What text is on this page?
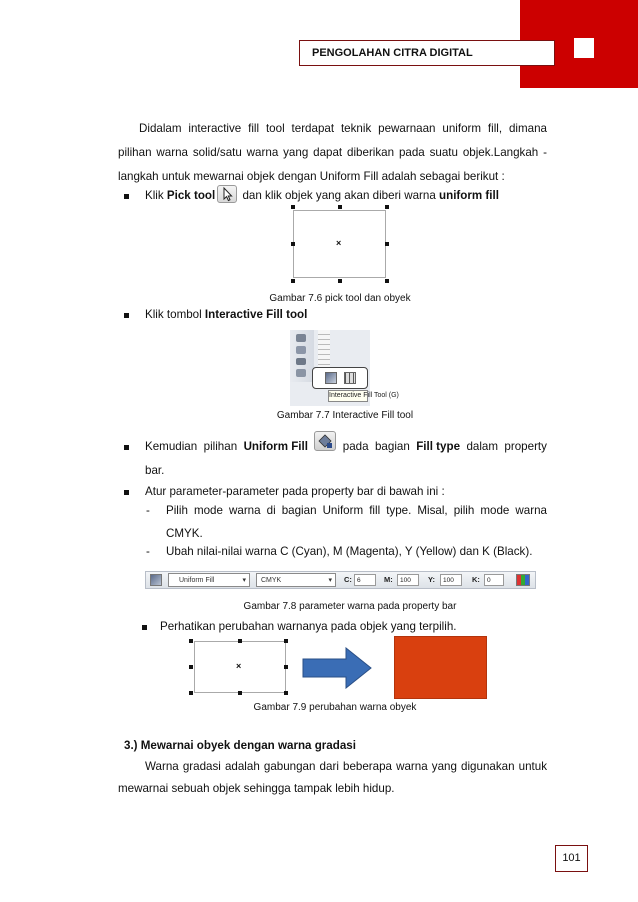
PENGOLAHAN CITRA DIGITAL

Didalam interactive fill tool terdapat teknik pewarnaan uniform fill, dimana

pilihan warna solid/satu warna yang dapat diberikan pada suatu objek.Langkah -

langkah untuk mewarnai objek dengan Uniform Fill adalah sebagai berikut :

Klik Pick tool
dan klik objek yang akan diberi warna uniform fill
×
Gambar 7.6 pick tool dan obyek
Klik tombol Interactive Fill tool
Interactive Fill Tool (G)
Gambar 7.7 Interactive Fill tool
Kemudian pilihan Uniform Fill	pada bagian Fill type dalam property

bar.

Atur parameter-parameter pada property bar di bawah ini :

- Pilih mode warna di bagian Uniform fill type. Misal, pilih mode warna

CMYK.

- Ubah nilai-nilai warna C (Cyan), M (Magenta), Y (Yellow) dan K (Black).

Uniform Fill	▾	CMYK	▾ C: 6	M:	100	Y:	100	K:	0
Gambar 7.8 parameter warna pada property bar

Perhatikan perubahan warnanya pada objek yang terpilih.

×
Gambar 7.9 perubahan warna obyek

3.) Mewarnai obyek dengan warna gradasi

Warna gradasi adalah gabungan dari beberapa warna yang digunakan untuk

mewarnai sebuah objek sehingga tampak lebih hidup.

101
